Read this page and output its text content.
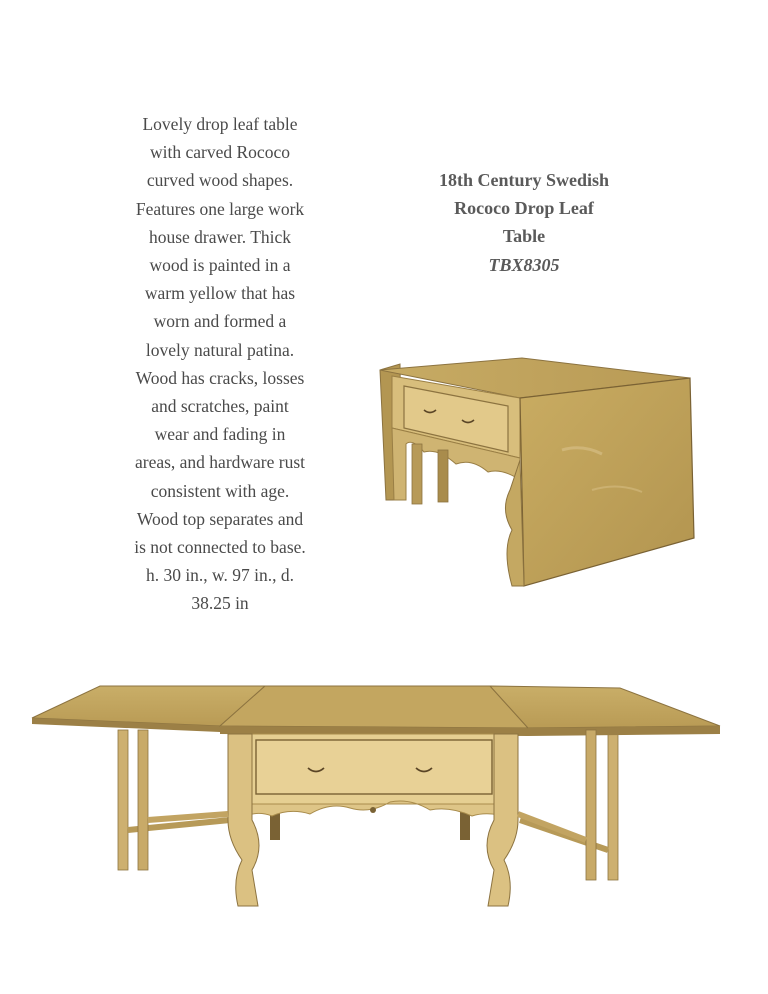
Lovely drop leaf table
with carved Rococo
curved wood shapes.
Features one large work
house drawer. Thick
wood is painted in a
warm yellow that has
worn and formed a
lovely natural patina.
Wood has cracks, losses
and scratches, paint
wear and fading in
areas, and hardware rust
consistent with age.
Wood top separates and
is not connected to base.
h. 30 in., w. 97 in., d.
38.25 in
18th Century Swedish
Rococo Drop Leaf
Table
TBX8305
